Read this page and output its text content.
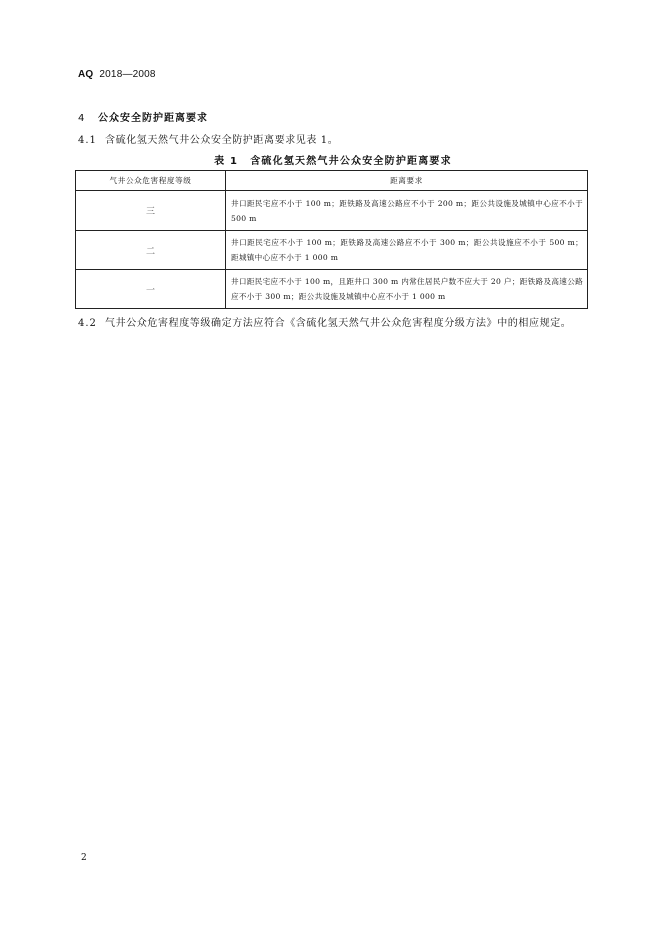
AQ 2018—2008
4 公众安全防护距离要求
4.1 含硫化氢天然气井公众安全防护距离要求见表 1。
表 1 含硫化氢天然气井公众安全防护距离要求
气井公众危害程度等级	距离要求
三	井口距民宅应不小于 100 m；距铁路及高速公路应不小于 200 m；距公共设施及城镇中心应不小于 500 m
二	井口距民宅应不小于 100 m；距铁路及高速公路应不小于 300 m；距公共设施应不小于 500 m；距城镇中心应不小于 1 000 m
一	井口距民宅应不小于 100 m，且距井口 300 m 内常住居民户数不应大于 20 户；距铁路及高速公路应不小于 300 m；距公共设施及城镇中心应不小于 1 000 m
4.2 气井公众危害程度等级确定方法应符合《含硫化氢天然气井公众危害程度分级方法》中的相应规定。
2
